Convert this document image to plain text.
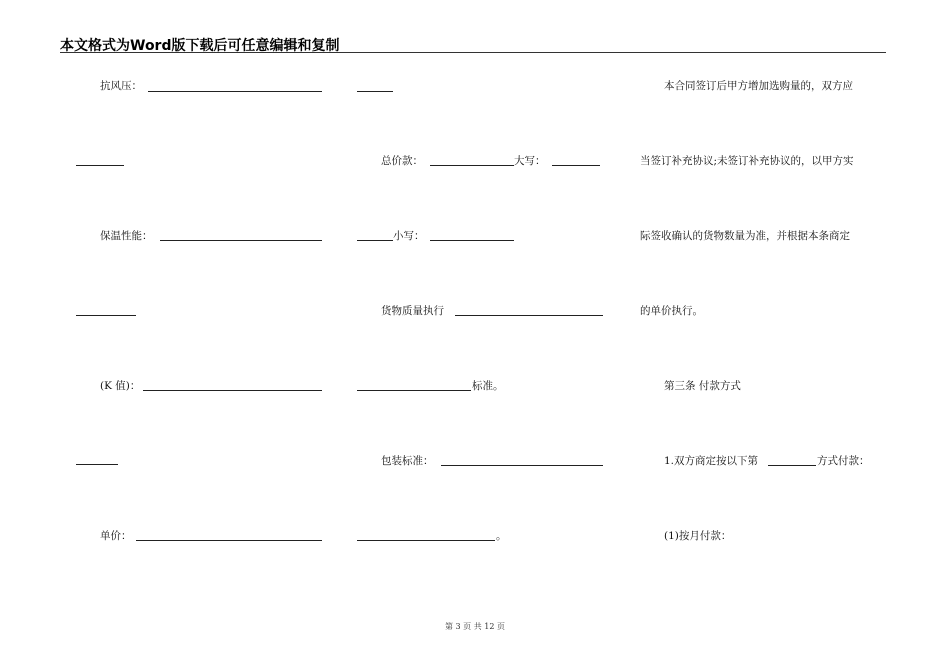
本文格式为Word版下载后可任意编辑和复制
抗风压：
保温性能：
(K 值)：
单价：
总价款：	大写：
小写：
货物质量执行
标准。
包装标准：
。
本合同签订后甲方增加选购量的，双方应
当签订补充协议;未签订补充协议的，以甲方实
际签收确认的货物数量为准，并根据本条商定
的单价执行。
第三条 付款方式
1.双方商定按以下第	方式付款：
(1)按月付款：
第 3 页 共 12 页
